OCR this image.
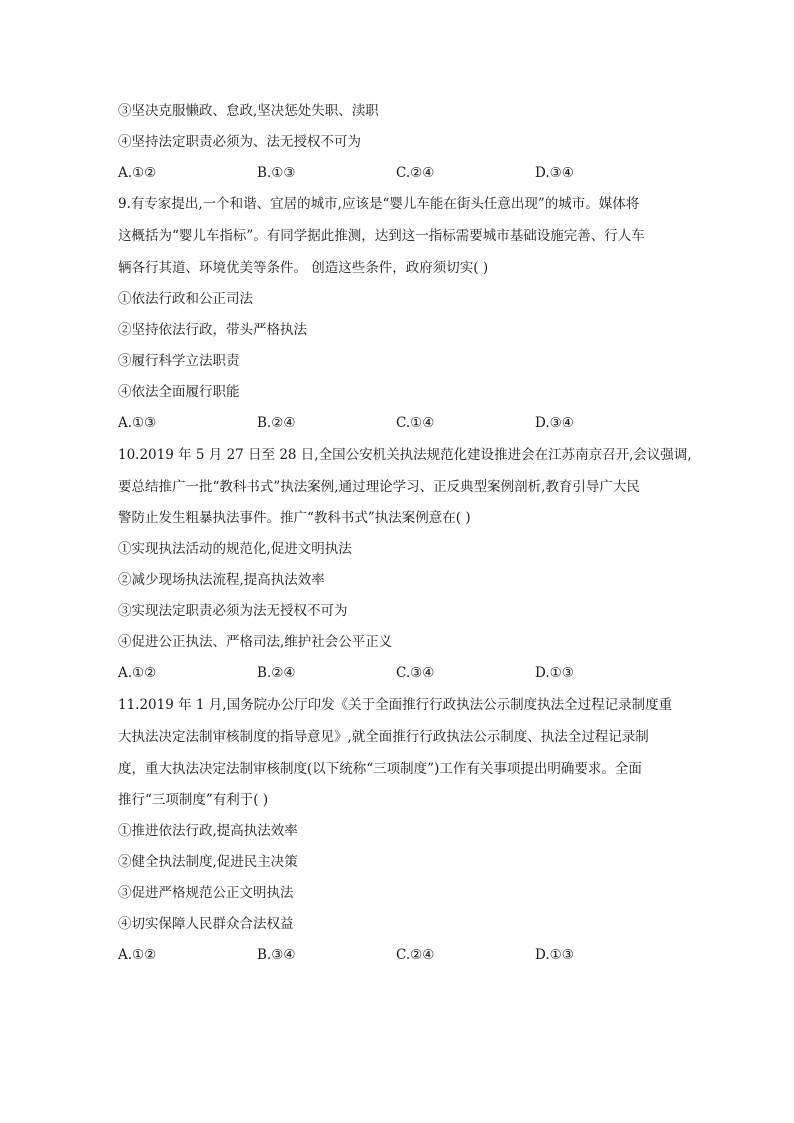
③坚决克服懒政、怠政,坚决惩处失职、渎职
④坚持法定职责必须为、法无授权不可为
A.①②	B.①③	C.②④	D.③④
9.有专家提出,一个和谐、宜居的城市,应该是“婴儿车能在街头任意出现”的城市。媒体将
这概括为“婴儿车指标”。有同学据此推测，达到这一指标需要城市基础设施完善、行人车
辆各行其道、环境优美等条件。 创造这些条件，政府须切实( )
①依法行政和公正司法
②坚持依法行政，带头严格执法
③履行科学立法职责
④依法全面履行职能
A.①③	B.②④	C.①④	D.③④
10.2019 年 5 月 27 日至 28 日,全国公安机关执法规范化建设推进会在江苏南京召开,会议强调,
要总结推广一批“教科书式”执法案例,通过理论学习、正反典型案例剖析,教育引导广大民
警防止发生粗暴执法事件。推广“教科书式”执法案例意在( )
①实现执法活动的规范化,促进文明执法
②减少现场执法流程,提高执法效率
③实现法定职责必须为法无授权不可为
④促进公正执法、严格司法,维护社会公平正义
A.①②	B.②④	C.③④	D.①③
11.2019 年 1 月,国务院办公厅印发《关于全面推行行政执法公示制度执法全过程记录制度重
大执法决定法制审核制度的指导意见》,就全面推行行政执法公示制度、执法全过程记录制
度，重大执法决定法制审核制度(以下统称“三项制度”)工作有关事项提出明确要求。全面
推行“三项制度”有利于( )
①推进依法行政,提高执法效率
②健全执法制度,促进民主决策
③促进严格规范公正文明执法
④切实保障人民群众合法权益
A.①②	B.③④	C.②④	D.①③
